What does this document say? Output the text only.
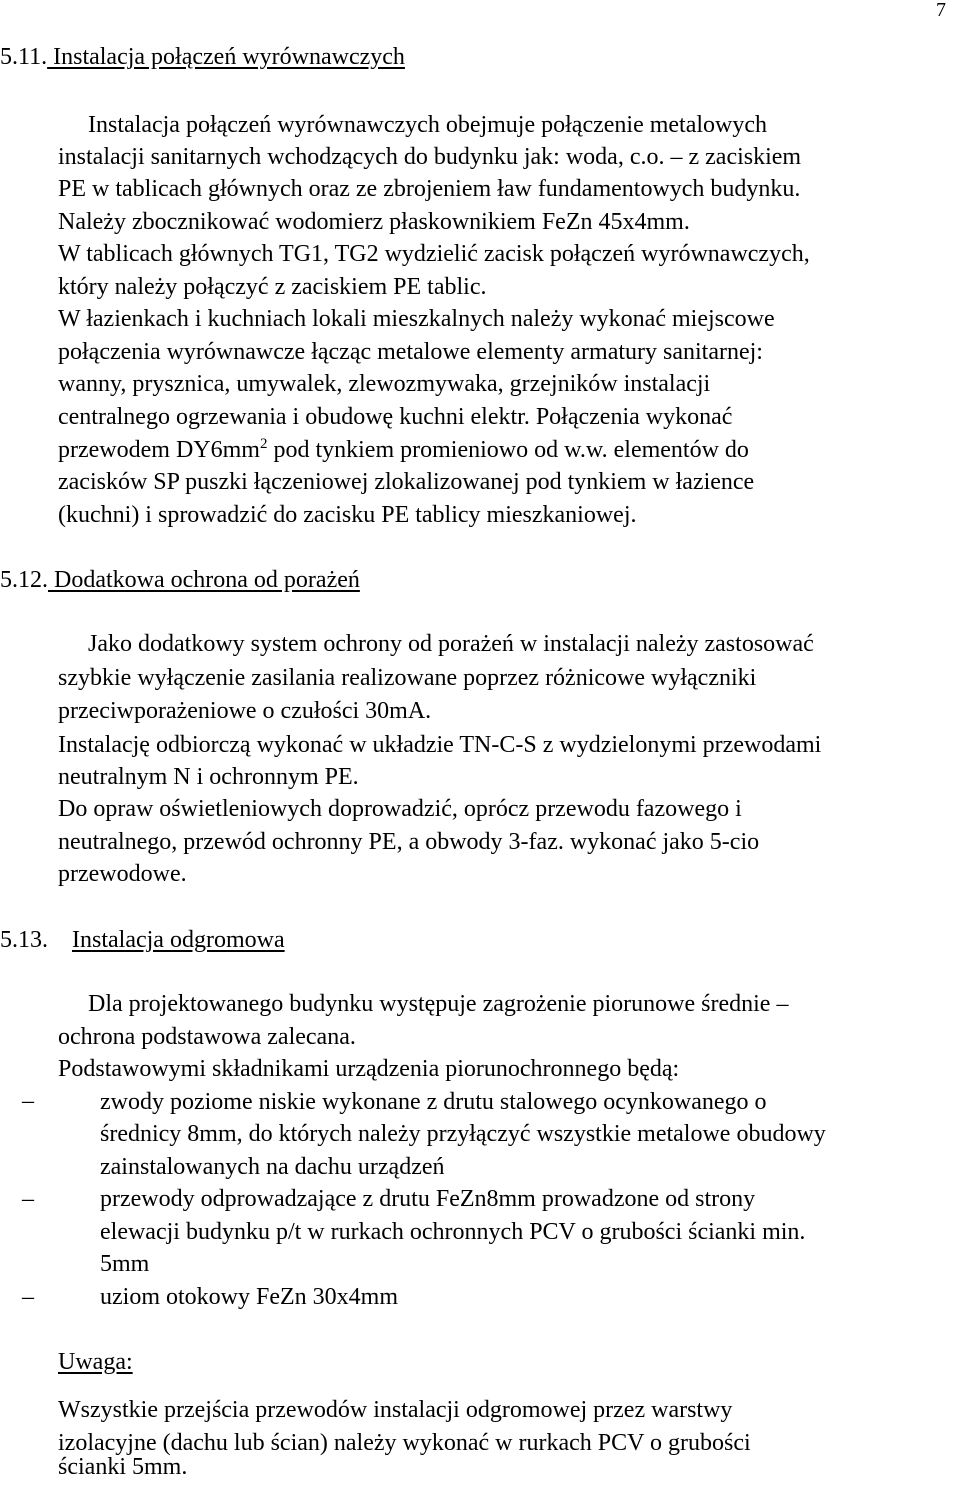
7
5.11. Instalacja połączeń wyrównawczych
Instalacja połączeń wyrównawczych obejmuje połączenie metalowych
instalacji sanitarnych wchodzących do budynku jak: woda, c.o. – z zaciskiem
PE w tablicach głównych oraz ze zbrojeniem ław fundamentowych budynku.
Należy zbocznikować wodomierz płaskownikiem FeZn 45x4mm.
W tablicach głównych TG1, TG2 wydzielić zacisk połączeń wyrównawczych,
który należy połączyć z zaciskiem PE tablic.
W łazienkach i kuchniach lokali mieszkalnych należy wykonać miejscowe
połączenia wyrównawcze łącząc metalowe elementy armatury sanitarnej:
wanny, prysznica, umywalek, zlewozmywaka, grzejników instalacji
centralnego ogrzewania i obudowę kuchni elektr. Połączenia wykonać
przewodem $DY6mm^2$ pod tynkiem promieniowo od w.w. elementów do
zacisków SP puszki łączeniowej zlokalizowanej pod tynkiem w łazience
(kuchni) i sprowadzić do zacisku PE tablicy mieszkaniowej.
5.12. Dodatkowa ochrona od porażeń
Jako dodatkowy system ochrony od porażeń w instalacji należy zastosować
szybkie wyłączenie zasilania realizowane poprzez różnicowe wyłączniki
przeciwporażeniowe o czułości 30mA.
Instalację odbiorczą wykonać w układzie TN-C-S z wydzielonymi przewodami
neutralnym N i ochronnym PE.
Do opraw oświetleniowych doprowadzić, oprócz przewodu fazowego i
neutralnego, przewód ochronny PE, a obwody 3-faz. wykonać jako 5-cio
przewodowe.
5.13. Instalacja odgromowa
Dla projektowanego budynku występuje zagrożenie piorunowe średnie –
ochrona podstawowa zalecana.
Podstawowymi składnikami urządzenia piorunochronnego będą:
–	zwody poziome niskie wykonane z drutu stalowego ocynkowanego o
średnicy 8mm, do których należy przyłączyć wszystkie metalowe obudowy
zainstalowanych na dachu urządzeń
–	przewody odprowadzające z drutu FeZn8mm prowadzone od strony
elewacji budynku p/t w rurkach ochronnych PCV o grubości ścianki min.
5mm
–	uziom otokowy FeZn 30x4mm
Uwaga:
Wszystkie przejścia przewodów instalacji odgromowej przez warstwy
izolacyjne (dachu lub ścian) należy wykonać w rurkach PCV o grubości
ścianki 5mm.
